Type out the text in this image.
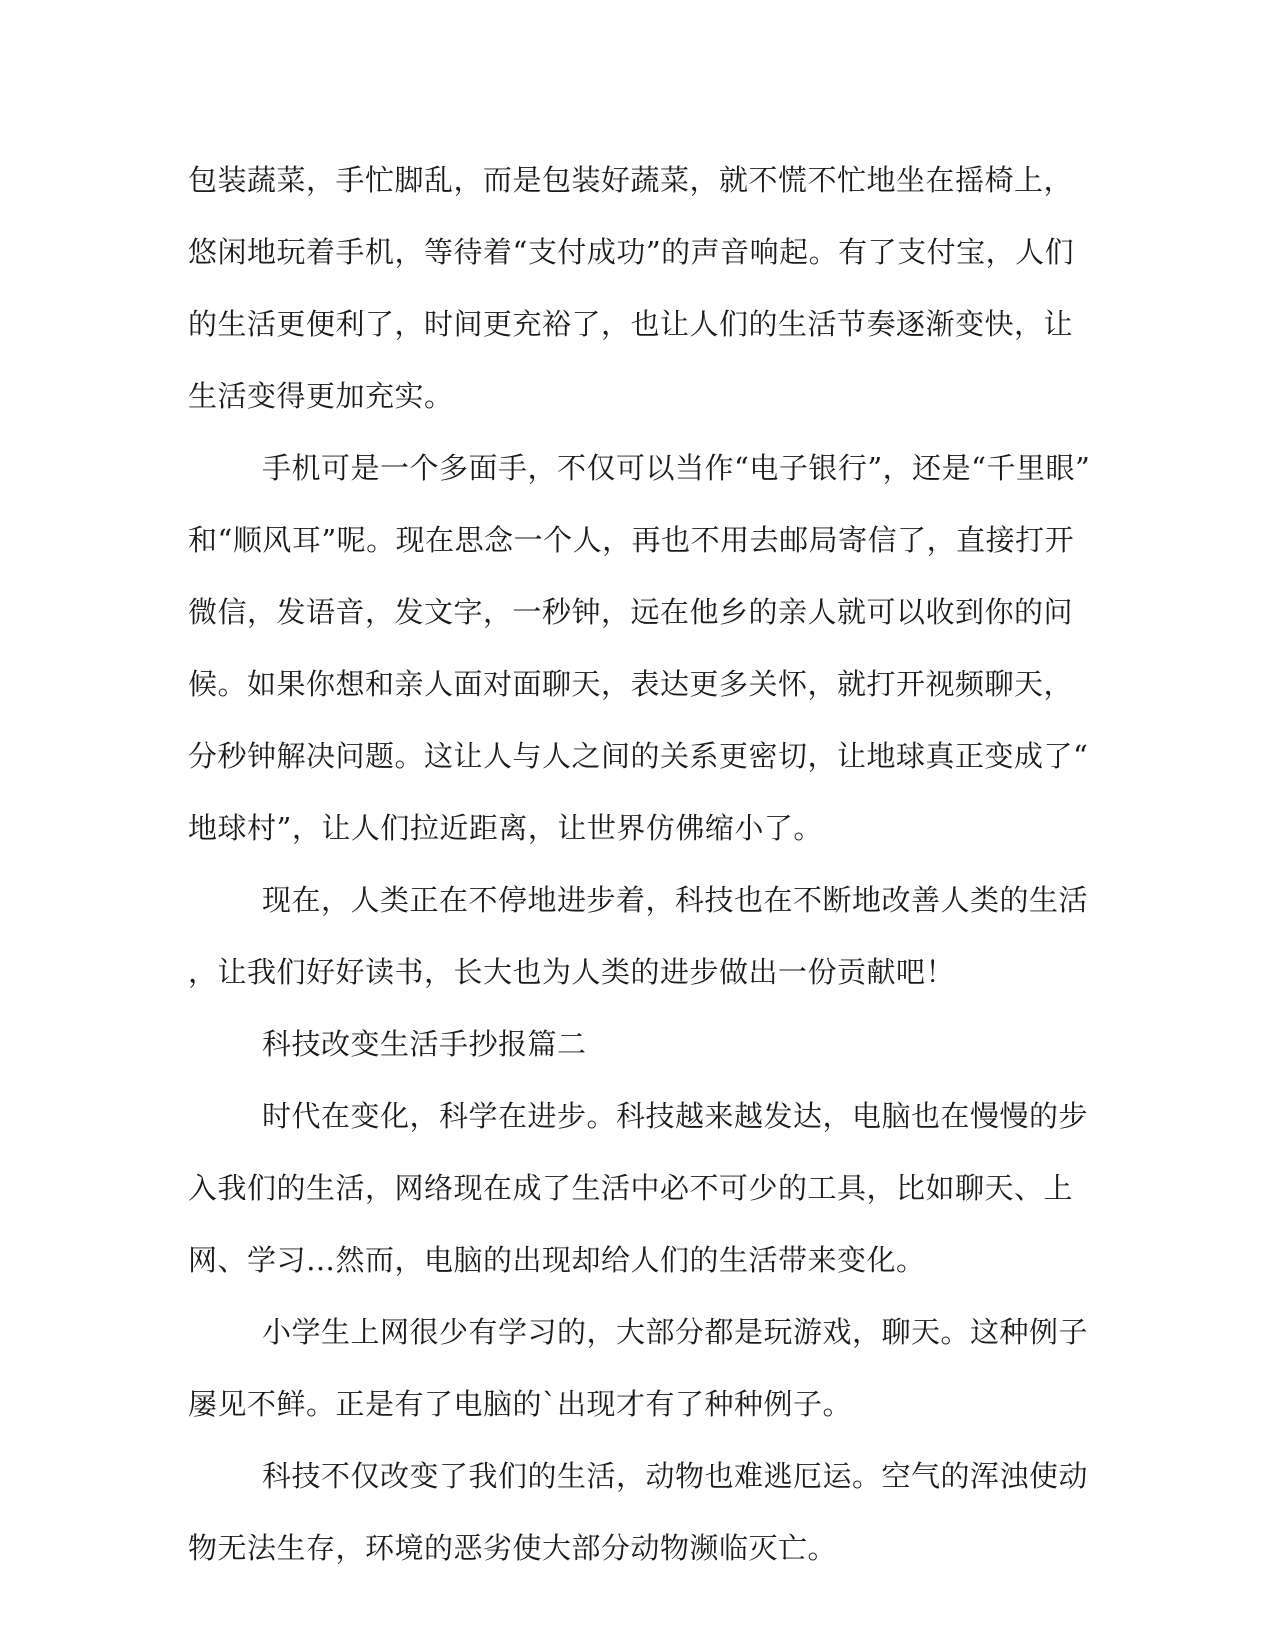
包装蔬菜，手忙脚乱，而是包装好蔬菜，就不慌不忙地坐在摇椅上，
悠闲地玩着手机，等待着“支付成功”的声音响起。有了支付宝，人们
的生活更便利了，时间更充裕了，也让人们的生活节奏逐渐变快，让
生活变得更加充实。
手机可是一个多面手，不仅可以当作“电子银行”，还是“千里眼”
和“顺风耳”呢。现在思念一个人，再也不用去邮局寄信了，直接打开
微信，发语音，发文字，一秒钟，远在他乡的亲人就可以收到你的问
候。如果你想和亲人面对面聊天，表达更多关怀，就打开视频聊天，
分秒钟解决问题。这让人与人之间的关系更密切，让地球真正变成了“
地球村”，让人们拉近距离，让世界仿佛缩小了。
现在，人类正在不停地进步着，科技也在不断地改善人类的生活
，让我们好好读书，长大也为人类的进步做出一份贡献吧！
科技改变生活手抄报篇二
时代在变化，科学在进步。科技越来越发达，电脑也在慢慢的步
入我们的生活，网络现在成了生活中必不可少的工具，比如聊天、上
网、学习…然而，电脑的出现却给人们的生活带来变化。
小学生上网很少有学习的，大部分都是玩游戏，聊天。这种例子
屡见不鲜。正是有了电脑的`出现才有了种种例子。
科技不仅改变了我们的生活，动物也难逃厄运。空气的浑浊使动
物无法生存，环境的恶劣使大部分动物濒临灭亡。
